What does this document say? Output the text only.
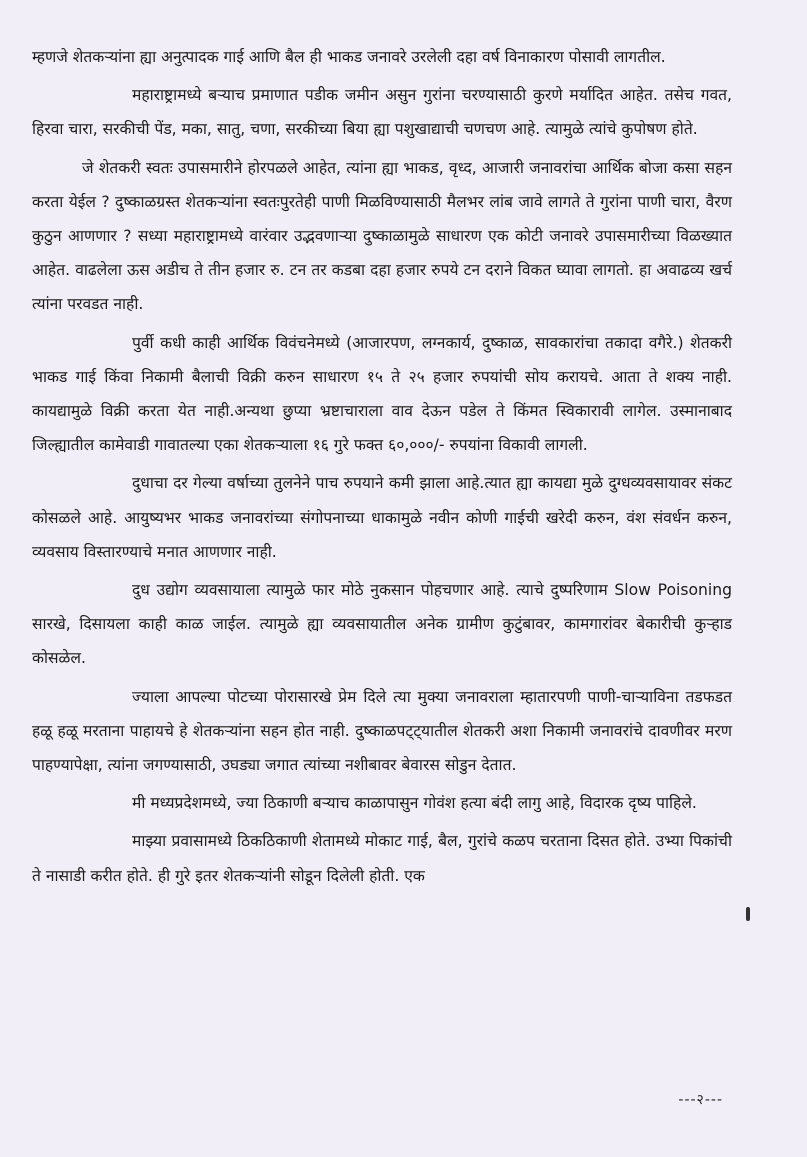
म्हणजे शेतकऱ्यांना ह्या अनुत्पादक गाई आणि बैल ही भाकड जनावरे उरलेली दहा वर्ष विनाकारण पोसावी लागतील.

महाराष्ट्रामध्ये बऱ्याच प्रमाणात पडीक जमीन असुन गुरांना चरण्यासाठी कुरणे मर्यादित आहेत. तसेच गवत, हिरवा चारा, सरकीची पेंड, मका, सातु, चणा, सरकीच्या बिया ह्या पशुखाद्याची चणचण आहे. त्यामुळे त्यांचे कुपोषण होते.

जे शेतकरी स्वतः उपासमारीने होरपळले आहेत, त्यांना ह्या भाकड, वृध्द, आजारी जनावरांचा आर्थिक बोजा कसा सहन करता येईल ? दुष्काळग्रस्त शेतकऱ्यांना स्वतःपुरतेही पाणी मिळविण्यासाठी मैलभर लांब जावे लागते ते गुरांना पाणी चारा, वैरण कुठुन आणणार ? सध्या महाराष्ट्रामध्ये वारंवार उद्भवणाऱ्या दुष्काळामुळे साधारण एक कोटी जनावरे उपासमारीच्या विळख्यात आहेत. वाढलेला ऊस अडीच ते तीन हजार रु. टन तर कडबा दहा हजार रुपये टन दराने विकत घ्यावा लागतो. हा अवाढव्य खर्च त्यांना परवडत नाही.

पुर्वी कधी काही आर्थिक विवंचनेमध्ये (आजारपण, लग्नकार्य, दुष्काळ, सावकारांचा तकादा वगैरे.) शेतकरी भाकड गाई किंवा निकामी बैलाची विक्री करुन साधारण १५ ते २५ हजार रुपयांची सोय करायचे. आता ते शक्य नाही. कायद्यामुळे विक्री करता येत नाही.अन्यथा छुप्या भ्रष्टाचाराला वाव देऊन पडेल ते किंमत स्विकारावी लागेल. उस्मानाबाद जिल्ह्यातील कामेवाडी गावातल्या एका शेतकऱ्याला १६ गुरे फक्त ६०,०००/- रुपयांना विकावी लागली.

दुधाचा दर गेल्या वर्षाच्या तुलनेने पाच रुपयाने कमी झाला आहे.त्यात ह्या कायद्या मुळे दुग्धव्यवसायावर संकट कोसळले आहे. आयुष्यभर भाकड जनावरांच्या संगोपनाच्या धाकामुळे नवीन कोणी गाईची खरेदी करुन, वंश संवर्धन करुन, व्यवसाय विस्तारण्याचे मनात आणणार नाही.

दुध उद्योग व्यवसायाला त्यामुळे फार मोठे नुकसान पोहचणार आहे. त्याचे दुष्परिणाम Slow Poisoning सारखे, दिसायला काही काळ जाईल. त्यामुळे ह्या व्यवसायातील अनेक ग्रामीण कुटुंबावर, कामगारांवर बेकारीची कुऱ्हाड कोसळेल.

ज्याला आपल्या पोटच्या पोरासारखे प्रेम दिले त्या मुक्या जनावराला म्हातारपणी पाणी-चाऱ्याविना तडफडत हळू हळू मरताना पाहायचे हे शेतकऱ्यांना सहन होत नाही. दुष्काळपट्ट्यातील शेतकरी अशा निकामी जनावरांचे दावणीवर मरण पाहण्यापेक्षा, त्यांना जगण्यासाठी, उघड्या जगात त्यांच्या नशीबावर बेवारस सोडुन देतात.

मी मध्यप्रदेशमध्ये, ज्या ठिकाणी बऱ्याच काळापासुन गोवंश हत्या बंदी लागु आहे, विदारक दृष्य पाहिले.

माझ्या प्रवासामध्ये ठिकठिकाणी शेतामध्ये मोकाट गाई, बैल, गुरांचे कळप चरताना दिसत होते. उभ्या पिकांची ते नासाडी करीत होते. ही गुरे इतर शेतकऱ्यांनी सोडून दिलेली होती. एक

---२---
